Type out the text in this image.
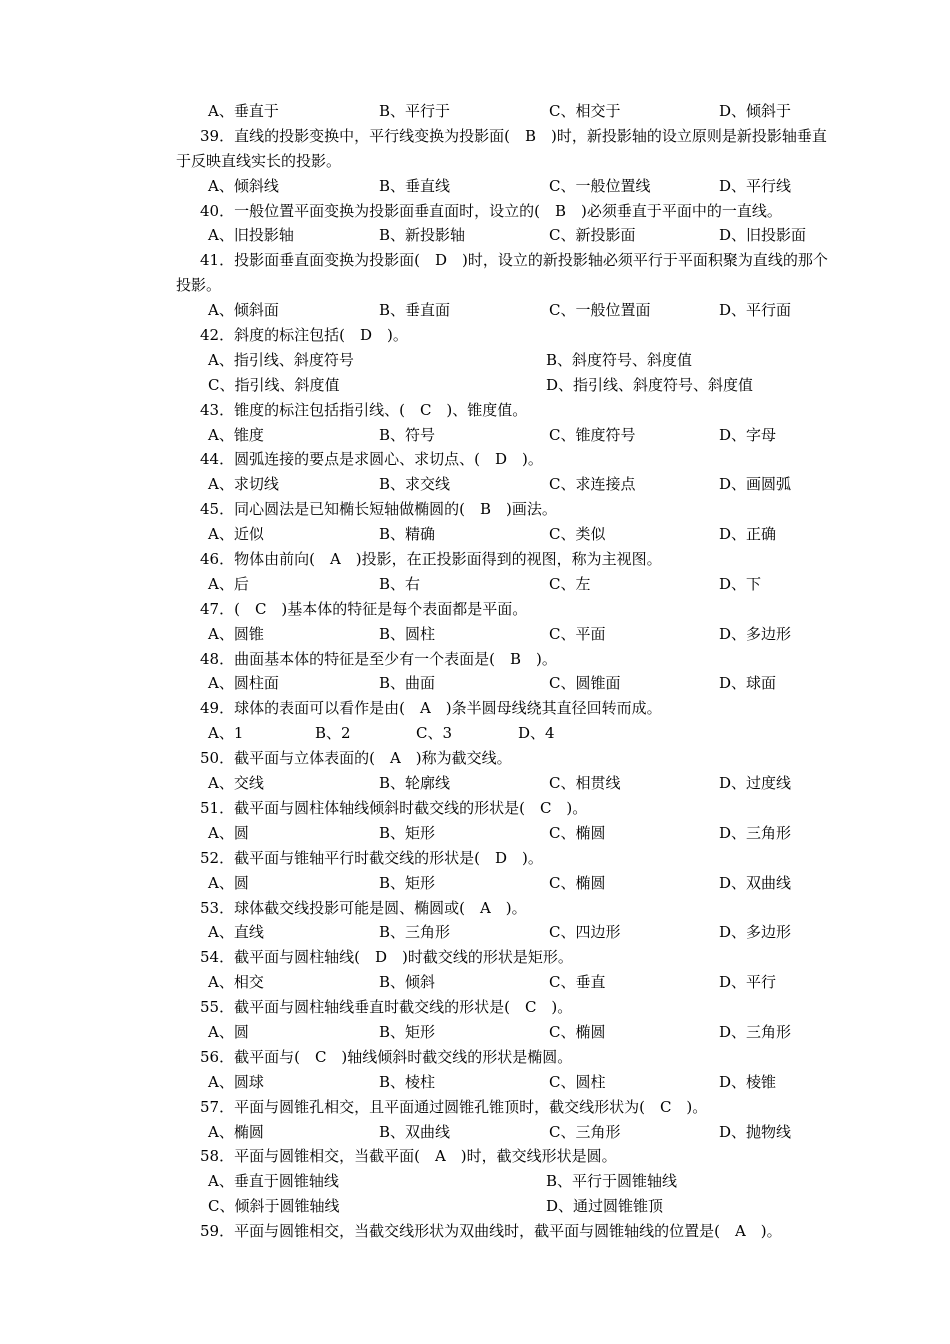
A、垂直于	B、平行于	C、相交于	D、倾斜于
39．直线的投影变换中，平行线变换为投影面(　B　)时，新投影轴的设立原则是新投影轴垂直
于反映直线实长的投影。
A、倾斜线	B、垂直线	C、一般位置线	D、平行线
40．一般位置平面变换为投影面垂直面时，设立的(　B　)必须垂直于平面中的一直线。
A、旧投影轴	B、新投影轴	C、新投影面	D、旧投影面
41．投影面垂直面变换为投影面(　D　)时，设立的新投影轴必须平行于平面积聚为直线的那个
投影。
A、倾斜面	B、垂直面	C、一般位置面	D、平行面
42．斜度的标注包括(　D　)。
A、指引线、斜度符号	B、斜度符号、斜度值
C、指引线、斜度值	D、指引线、斜度符号、斜度值
43．锥度的标注包括指引线、(　C　)、锥度值。
A、锥度	B、符号	C、锥度符号	D、字母
44．圆弧连接的要点是求圆心、求切点、(　D　)。
A、求切线	B、求交线	C、求连接点	D、画圆弧
45．同心圆法是已知椭长短轴做椭圆的(　B　)画法。
A、近似	B、精确	C、类似	D、正确
46．物体由前向(　A　)投影，在正投影面得到的视图，称为主视图。
A、后	B、右	C、左	D、下
47．(　C　)基本体的特征是每个表面都是平面。
A、圆锥	B、圆柱	C、平面	D、多边形
48．曲面基本体的特征是至少有一个表面是(　B　)。
A、圆柱面	B、曲面	C、圆锥面	D、球面
49．球体的表面可以看作是由(　A　)条半圆母线绕其直径回转而成。
A、1	B、2	C、3	D、4
50．截平面与立体表面的(　A　)称为截交线。
A、交线	B、轮廓线	C、相贯线	D、过度线
51．截平面与圆柱体轴线倾斜时截交线的形状是(　C　)。
A、圆	B、矩形	C、椭圆	D、三角形
52．截平面与锥轴平行时截交线的形状是(　D　)。
A、圆	B、矩形	C、椭圆	D、双曲线
53．球体截交线投影可能是圆、椭圆或(　A　)。
A、直线	B、三角形	C、四边形	D、多边形
54．截平面与圆柱轴线(　D　)时截交线的形状是矩形。
A、相交	B、倾斜	C、垂直	D、平行
55．截平面与圆柱轴线垂直时截交线的形状是(　C　)。
A、圆	B、矩形	C、椭圆	D、三角形
56．截平面与(　C　)轴线倾斜时截交线的形状是椭圆。
A、圆球	B、棱柱	C、圆柱	D、棱锥
57．平面与圆锥孔相交，且平面通过圆锥孔锥顶时，截交线形状为(　C　)。
A、椭圆	B、双曲线	C、三角形	D、抛物线
58．平面与圆锥相交，当截平面(　A　)时，截交线形状是圆。
A、垂直于圆锥轴线	B、平行于圆锥轴线
C、倾斜于圆锥轴线	D、通过圆锥锥顶
59．平面与圆锥相交，当截交线形状为双曲线时，截平面与圆锥轴线的位置是(　A　)。
